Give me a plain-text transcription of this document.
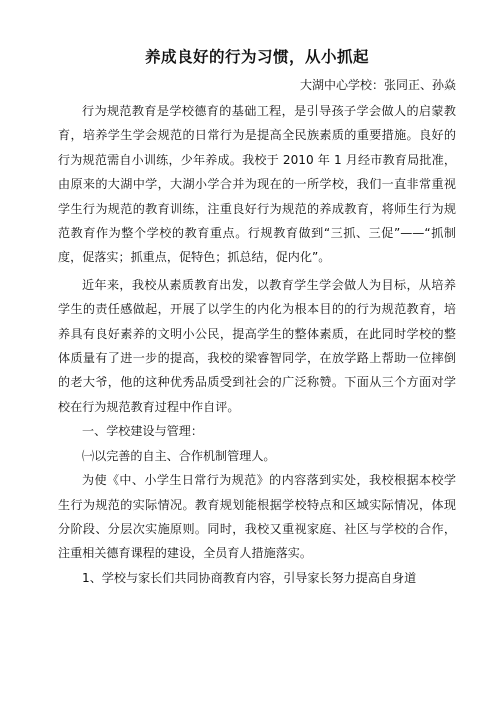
养成良好的行为习惯，从小抓起
大湖中心学校：张同正、孙焱

行为规范教育是学校德育的基础工程，是引导孩子学会做人的启蒙教育，培养学生学会规范的日常行为是提高全民族素质的重要措施。良好的行为规范需自小训练，少年养成。我校于 2010 年 1 月经市教育局批准，由原来的大湖中学，大湖小学合并为现在的一所学校，我们一直非常重视学生行为规范的教育训练，注重良好行为规范的养成教育，将师生行为规范教育作为整个学校的教育重点。行规教育做到“三抓、三促”——“抓制度，促落实；抓重点，促特色；抓总结，促内化”。

近年来，我校从素质教育出发，以教育学生学会做人为目标，从培养学生的责任感做起，开展了以学生的内化为根本目的的行为规范教育，培养具有良好素养的文明小公民，提高学生的整体素质，在此同时学校的整体质量有了进一步的提高，我校的梁睿智同学，在放学路上帮助一位摔倒的老大爷，他的这种优秀品质受到社会的广泛称赞。下面从三个方面对学校在行为规范教育过程中作自评。

一、学校建设与管理：

㈠以完善的自主、合作机制管理人。

为使《中、小学生日常行为规范》的内容落到实处，我校根据本校学生行为规范的实际情况。教育规划能根据学校特点和区域实际情况，体现分阶段、分层次实施原则。同时，我校又重视家庭、社区与学校的合作，注重相关德育课程的建设，全员育人措施落实。

1、学校与家长们共同协商教育内容，引导家长努力提高自身道
